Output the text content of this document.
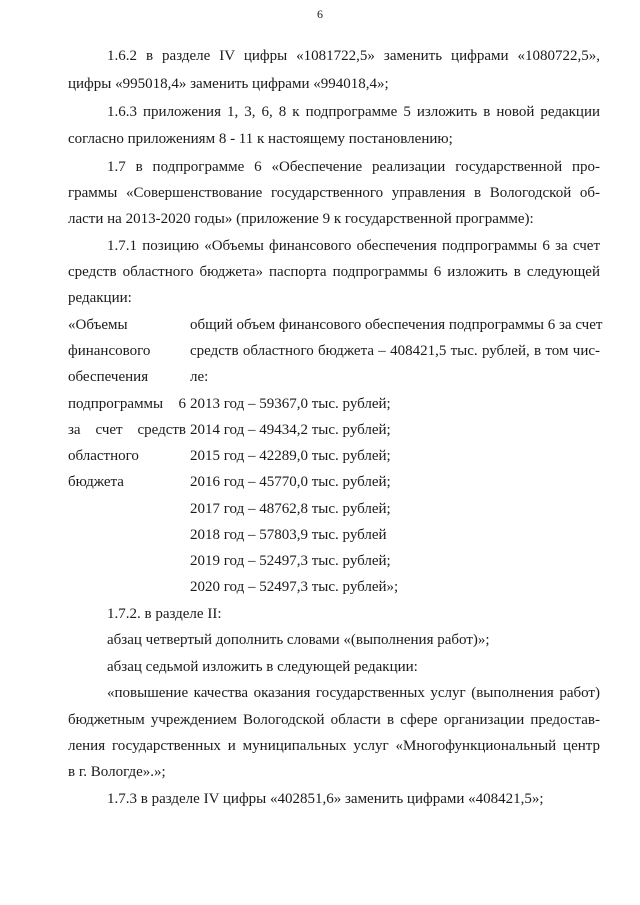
6
1.6.2 в разделе IV цифры «1081722,5» заменить цифрами «1080722,5»,
цифры «995018,4» заменить цифрами «994018,4»;
1.6.3 приложения 1, 3, 6, 8 к подпрограмме 5 изложить в новой редакции
согласно приложениям 8 - 11 к настоящему постановлению;
1.7 в подпрограмме 6 «Обеспечение реализации государственной про-
граммы «Совершенствование государственного управления в Вологодской об-
ласти на 2013-2020 годы» (приложение 9 к государственной программе):
1.7.1 позицию «Объемы финансового обеспечения подпрограммы 6 за счет
средств областного бюджета» паспорта подпрограммы 6 изложить в следующей
редакции:
«Объемы
финансового
обеспечения
подпрограммы 6
за счет средств
областного
бюджета
общий объем финансового обеспечения подпрограммы 6 за счет
средств областного бюджета – 408421,5 тыс. рублей, в том чис-
ле:
2013 год – 59367,0 тыс. рублей;
2014 год – 49434,2 тыс. рублей;
2015 год – 42289,0 тыс. рублей;
2016 год – 45770,0 тыс. рублей;
2017 год – 48762,8 тыс. рублей;
2018 год – 57803,9 тыс. рублей
2019 год – 52497,3 тыс. рублей;
2020 год – 52497,3 тыс. рублей»;
1.7.2. в разделе II:
абзац четвертый дополнить словами «(выполнения работ)»;
абзац седьмой изложить в следующей редакции:
«повышение качества оказания государственных услуг (выполнения работ)
бюджетным учреждением Вологодской области в сфере организации предостав-
ления государственных и муниципальных услуг «Многофункциональный центр
в г. Вологде».»;
1.7.3 в разделе IV цифры «402851,6» заменить цифрами «408421,5»;
